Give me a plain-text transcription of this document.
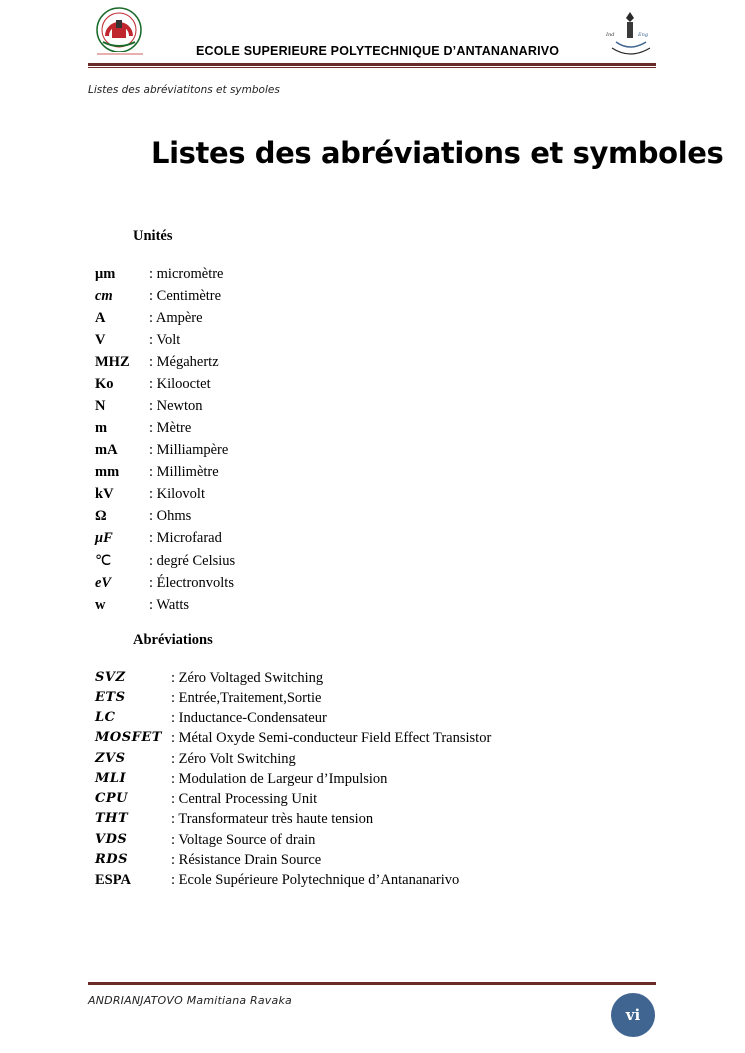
ECOLE SUPERIEURE POLYTECHNIQUE D’ANTANANARIVO
Ind	Eng
Listes des abréviatitons et symboles
Listes des abréviations et symboles
Unités
μm : micromètre
cm	: Centimètre
A	: Ampère
V	: Volt
MHZ : Mégahertz
Ko : Kilooctet
N	: Newton
m	: Mètre
mA : Milliampère
mm : Millimètre
kV : Kilovolt
Ω	: Ohms
μF	: Microfarad
℃	: degré Celsius
eV	: Électronvolts
w	: Watts
Abréviations
SVZ	: Zéro Voltaged Switching
ETS	: Entrée,Traitement,Sortie
LC	: Inductance-Condensateur
MOSFET : Métal Oxyde Semi-conducteur Field Effect Transistor
ZVS	: Zéro Volt Switching
MLI	: Modulation de Largeur d’Impulsion
CPU	: Central Processing Unit
THT	: Transformateur très haute tension
VDS	: Voltage Source of drain
RDS	: Résistance Drain Source
ESPA	: Ecole Supérieure Polytechnique d’Antananarivo
ANDRIANJATOVO Mamitiana Ravaka
vi
